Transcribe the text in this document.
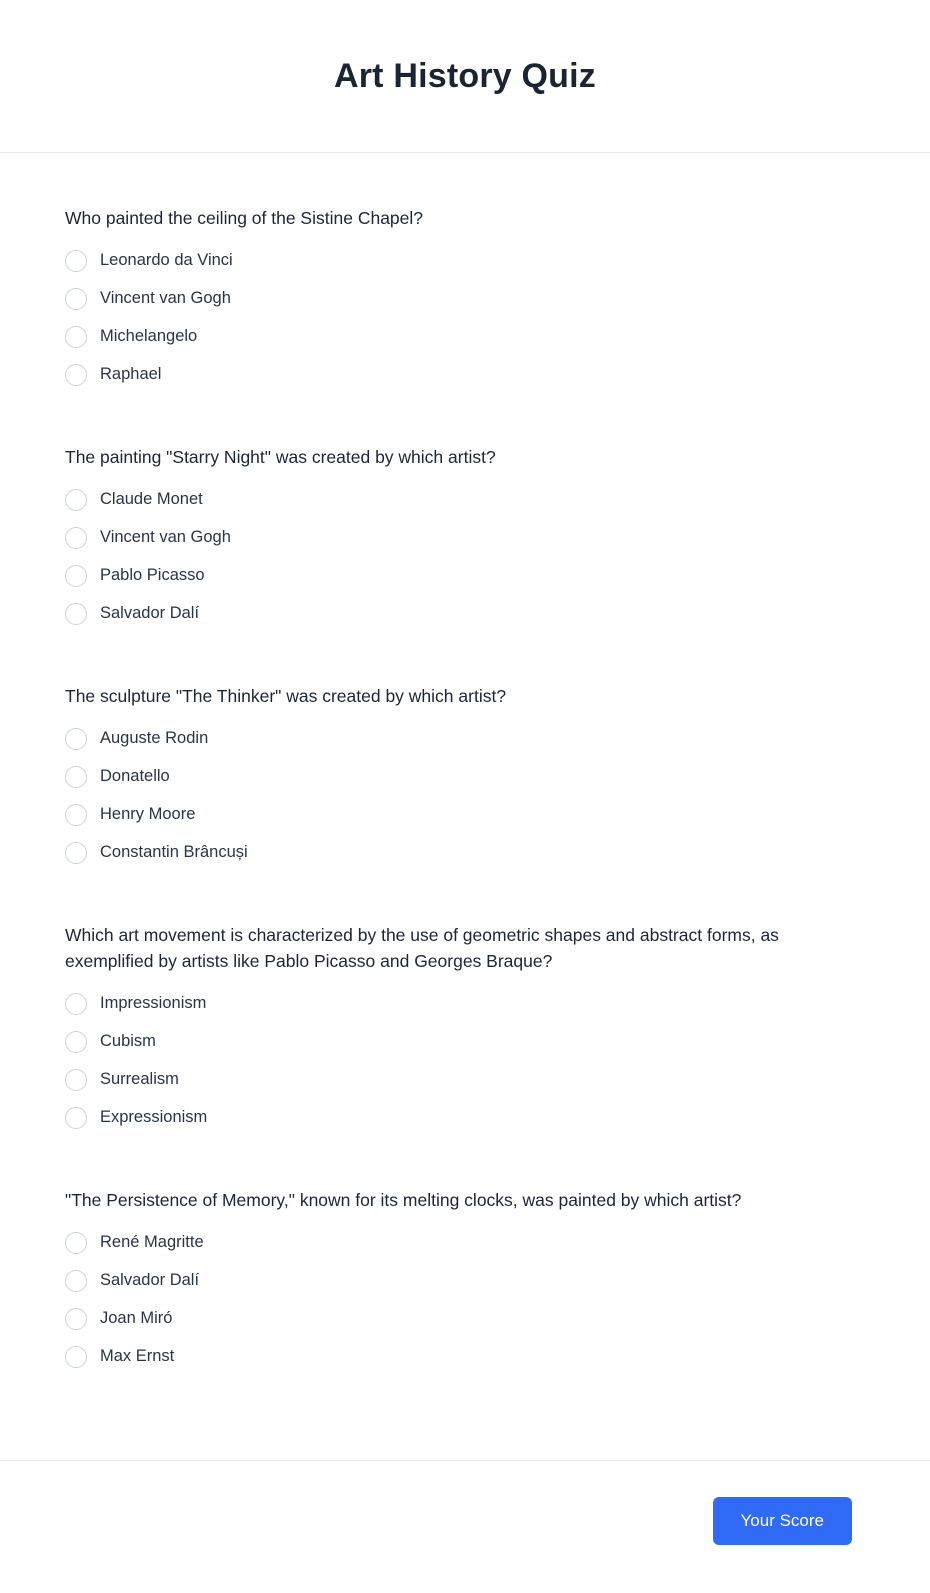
Art History Quiz
Who painted the ceiling of the Sistine Chapel?
Leonardo da Vinci
Vincent van Gogh
Michelangelo
Raphael
The painting "Starry Night" was created by which artist?
Claude Monet
Vincent van Gogh
Pablo Picasso
Salvador Dalí
The sculpture "The Thinker" was created by which artist?
Auguste Rodin
Donatello
Henry Moore
Constantin Brâncuși
Which art movement is characterized by the use of geometric shapes and abstract forms, as exemplified by artists like Pablo Picasso and Georges Braque?
Impressionism
Cubism
Surrealism
Expressionism
"The Persistence of Memory," known for its melting clocks, was painted by which artist?
René Magritte
Salvador Dalí
Joan Miró
Max Ernst
Your Score
